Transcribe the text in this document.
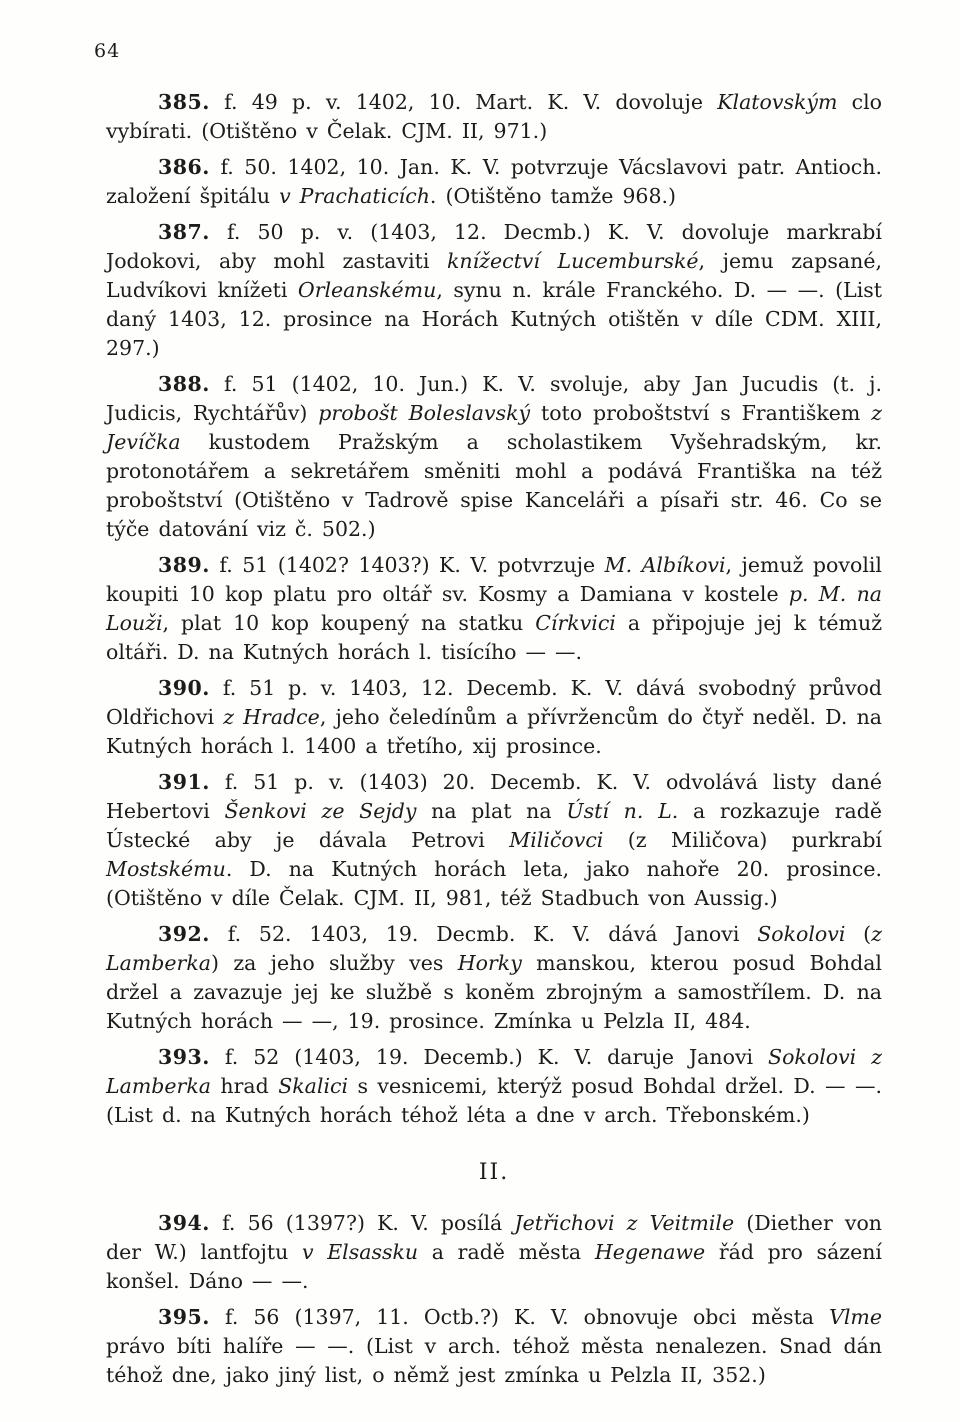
64

385. f. 49 p. v. 1402, 10. Mart. K. V. dovoluje Klatovským clo vybírati. (Otištěno v Čelak. CJM. II, 971.)

386. f. 50. 1402, 10. Jan. K. V. potvrzuje Vácslavovi patr. Antioch. založení špitálu v Prachaticích. (Otištěno tamže 968.)

387. f. 50 p. v. (1403, 12. Decmb.) K. V. dovoluje markrabí Jodokovi, aby mohl zastaviti knížectví Lucemburské, jemu zapsané, Ludvíkovi knížeti Orleanskému, synu n. krále Franckého. D. — —. (List daný 1403, 12. prosince na Horách Kutných otištěn v díle CDM. XIII, 297.)

388. f. 51 (1402, 10. Jun.) K. V. svoluje, aby Jan Jucudis (t. j. Judicis, Rychtářův) probošt Boleslavský toto proboštství s Františkem z Jevíčka kustodem Pražským a scholastikem Vyšehradským, kr. protonotářem a sekretářem směniti mohl a podává Františka na též proboštství (Otištěno v Tadrově spise Kanceláři a písaři str. 46. Co se týče datování viz č. 502.)

389. f. 51 (1402? 1403?) K. V. potvrzuje M. Albíkovi, jemuž povolil koupiti 10 kop platu pro oltář sv. Kosmy a Damiana v kostele p. M. na Louži, plat 10 kop koupený na statku Církvici a připojuje jej k témuž oltáři. D. na Kutných horách l. tisícího — —.

390. f. 51 p. v. 1403, 12. Decemb. K. V. dává svobodný průvod Oldřichovi z Hradce, jeho čeledínům a přívržencům do čtyř neděl. D. na Kutných horách l. 1400 a třetího, xij prosince.

391. f. 51 p. v. (1403) 20. Decemb. K. V. odvolává listy dané Hebertovi Šenkovi ze Sejdy na plat na Ústí n. L. a rozkazuje radě Ústecké aby je dávala Petrovi Miličovci (z Miličova) purkrabí Mostskému. D. na Kutných horách leta, jako nahoře 20. prosince. (Otištěno v díle Čelak. CJM. II, 981, též Stadbuch von Aussig.)

392. f. 52. 1403, 19. Decmb. K. V. dává Janovi Sokolovi (z Lamberka) za jeho služby ves Horky manskou, kterou posud Bohdal držel a zavazuje jej ke službě s koněm zbrojným a samostřílem. D. na Kutných horách — —, 19. prosince. Zmínka u Pelzla II, 484.

393. f. 52 (1403, 19. Decemb.) K. V. daruje Janovi Sokolovi z Lamberka hrad Skalici s vesnicemi, kterýž posud Bohdal držel. D. — —. (List d. na Kutných horách téhož léta a dne v arch. Třebonském.)

II.

394. f. 56 (1397?) K. V. posílá Jetřichovi z Veitmile (Diether von der W.) lantfojtu v Elsassku a radě města Hegenawe řád pro sázení konšel. Dáno — —.

395. f. 56 (1397, 11. Octb.?) K. V. obnovuje obci města Vlme právo bíti halíře — —. (List v arch. téhož města nenalezen. Snad dán téhož dne, jako jiný list, o němž jest zmínka u Pelzla II, 352.)
